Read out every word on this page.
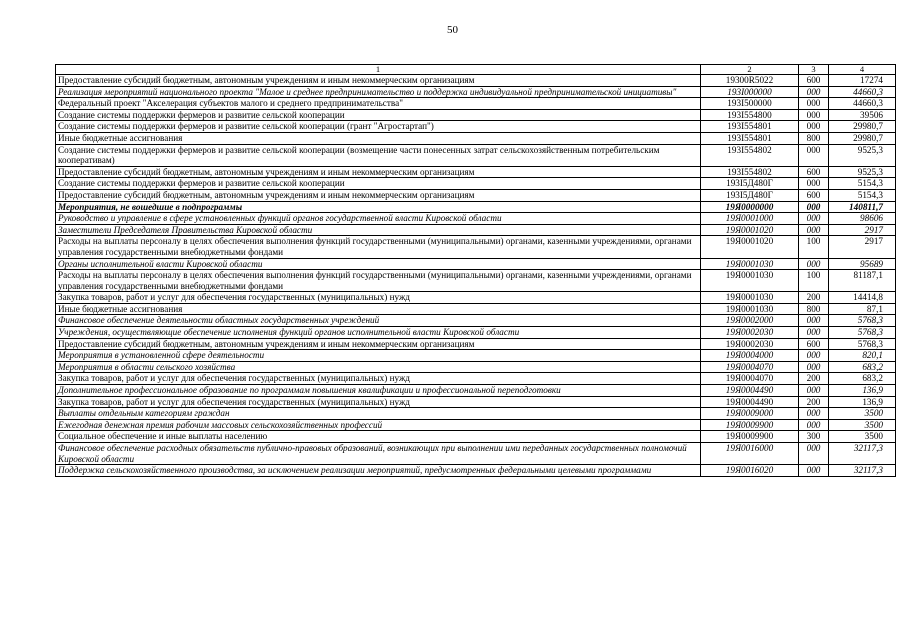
50
1	2	3	4
Предоставление субсидий бюджетным, автономным учреждениям и иным некоммерческим организациям	19300R5022	600	17274
Реализация мероприятий национального проекта "Малое и среднее предпринимательство и поддержка индивидуальной предпринимательской инициативы"	193I000000	000	44660,3
Федеральный проект "Акселерация субъектов малого и среднего предпринимательства"	193I500000	000	44660,3
Создание системы поддержки фермеров и развитие сельской кооперации	193I554800	000	39506
Создание системы поддержки фермеров и развитие сельской кооперации (грант "Агростартап")	193I554801	000	29980,7
Иные бюджетные ассигнования	193I554801	800	29980,7
Создание системы поддержки фермеров и развитие сельской кооперации (возмещение части понесенных затрат сельскохозяйственным потребительским кооперативам)	193I554802	000	9525,3
Предоставление субсидий бюджетным, автономным учреждениям и иным некоммерческим организациям	193I554802	600	9525,3
Создание системы поддержки фермеров и развитие сельской кооперации	193I5Д480Г	000	5154,3
Предоставление субсидий бюджетным, автономным учреждениям и иным некоммерческим организациям	193I5Д480Г	600	5154,3
Мероприятия, не вошедшие в подпрограммы	19Я0000000	000	140811,7
Руководство и управление в сфере установленных функций органов государственной власти Кировской области	19Я0001000	000	98606
Заместители Председателя Правительства Кировской области	19Я0001020	000	2917
Расходы на выплаты персоналу в целях обеспечения выполнения функций государственными (муниципальными) органами, казенными учреждениями, органами управления государственными внебюджетными фондами	19Я0001020	100	2917
Органы исполнительной власти Кировской области	19Я0001030	000	95689
Расходы на выплаты персоналу в целях обеспечения выполнения функций государственными (муниципальными) органами, казенными учреждениями, органами управления государственными внебюджетными фондами	19Я0001030	100	81187,1
Закупка товаров, работ и услуг для обеспечения государственных (муниципальных) нужд	19Я0001030	200	14414,8
Иные бюджетные ассигнования	19Я0001030	800	87,1
Финансовое обеспечение деятельности областных государственных учреждений	19Я0002000	000	5768,3
Учреждения, осуществляющие обеспечение исполнения функций органов исполнительной власти Кировской области	19Я0002030	000	5768,3
Предоставление субсидий бюджетным, автономным учреждениям и иным некоммерческим организациям	19Я0002030	600	5768,3
Мероприятия в установленной сфере деятельности	19Я0004000	000	820,1
Мероприятия в области сельского хозяйства	19Я0004070	000	683,2
Закупка товаров, работ и услуг для обеспечения государственных (муниципальных) нужд	19Я0004070	200	683,2
Дополнительное профессиональное образование по программам повышения квалификации и профессиональной переподготовки	19Я0004490	000	136,9
Закупка товаров, работ и услуг для обеспечения государственных (муниципальных) нужд	19Я0004490	200	136,9
Выплаты отдельным категориям граждан	19Я0009000	000	3500
Ежегодная денежная премия рабочим массовых сельскохозяйственных профессий	19Я0009900	000	3500
Социальное обеспечение и иные выплаты населению	19Я0009900	300	3500
Финансовое обеспечение расходных обязательств публично-правовых образований, возникающих при выполнении ими переданных государственных полномочий Кировской области	19Я0016000	000	32117,3
Поддержка сельскохозяйственного производства, за исключением реализации мероприятий, предусмотренных федеральными целевыми программами	19Я0016020	000	32117,3
